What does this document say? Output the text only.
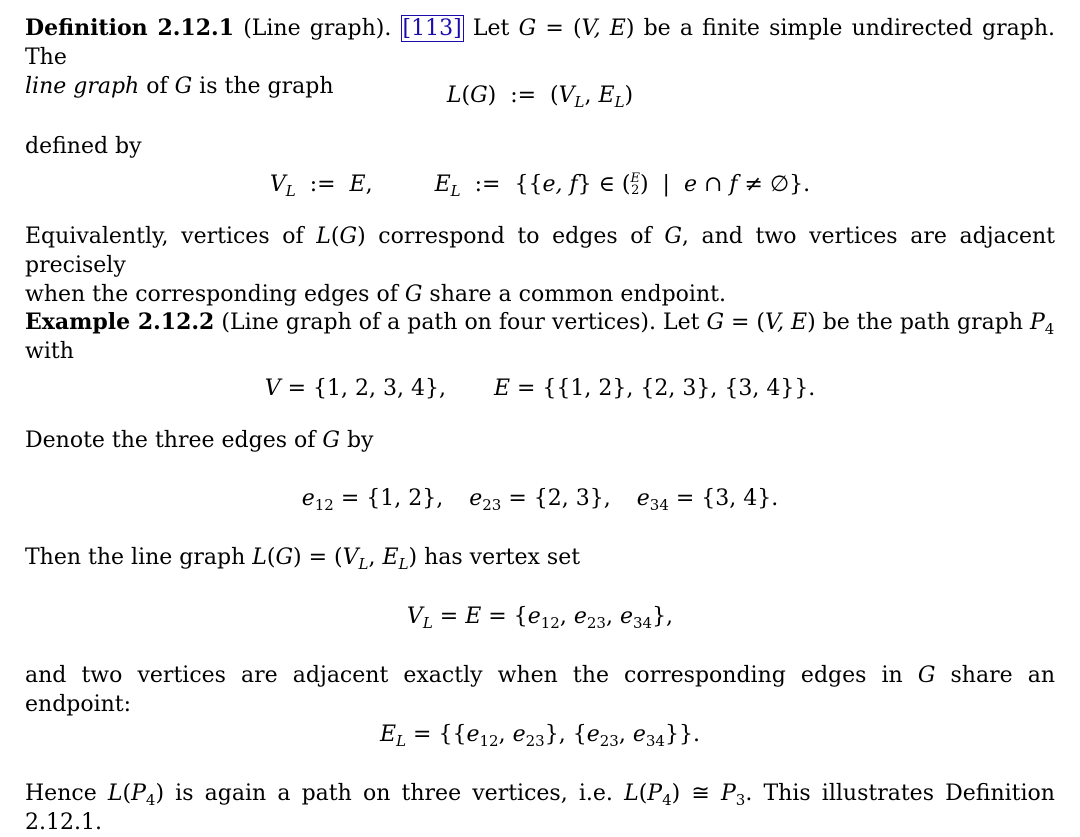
Definition 2.12.1 (Line graph). [113] Let G = (V, E) be a finite simple undirected graph. The
line graph of G is the graph	L(G)  :=  ($V_L$, $E_L$)
defined by
$V_L$  :=  E,	$E_L$  :=  {{e, f} ∈ (E
2)  |  e ∩ f ≠ ∅}.
Equivalently, vertices of L(G) correspond to edges of G, and two vertices are adjacent precisely
when the corresponding edges of G share a common endpoint.
Example 2.12.2 (Line graph of a path on four vertices). Let G = (V, E) be the path graph $P_4$
with
V = {1, 2, 3, 4}, E = {{1, 2}, {2, 3}, {3, 4}}.
Denote the three edges of G by
$e_{12} = \{1$, 2}, $e_{23} = \{2$, 3}, $e_{34} = \{3$, 4}.
Then the line graph $L(G) = (V_L$, $E_L$) has vertex set
$V_L = E = \{e_{12}$, $e_{23}$, $e_{34}$},
and two vertices are adjacent exactly when the corresponding edges in G share an endpoint:
$E_L = \{\{e_{12}$, $e_{23}$}, {$e_{23}$, $e_{34}$}}.
Hence $L(P_4)$ is again a path on three vertices, i.e. $L(P_4)$ ≅ $P_3$. This illustrates Definition 2.12.1.
